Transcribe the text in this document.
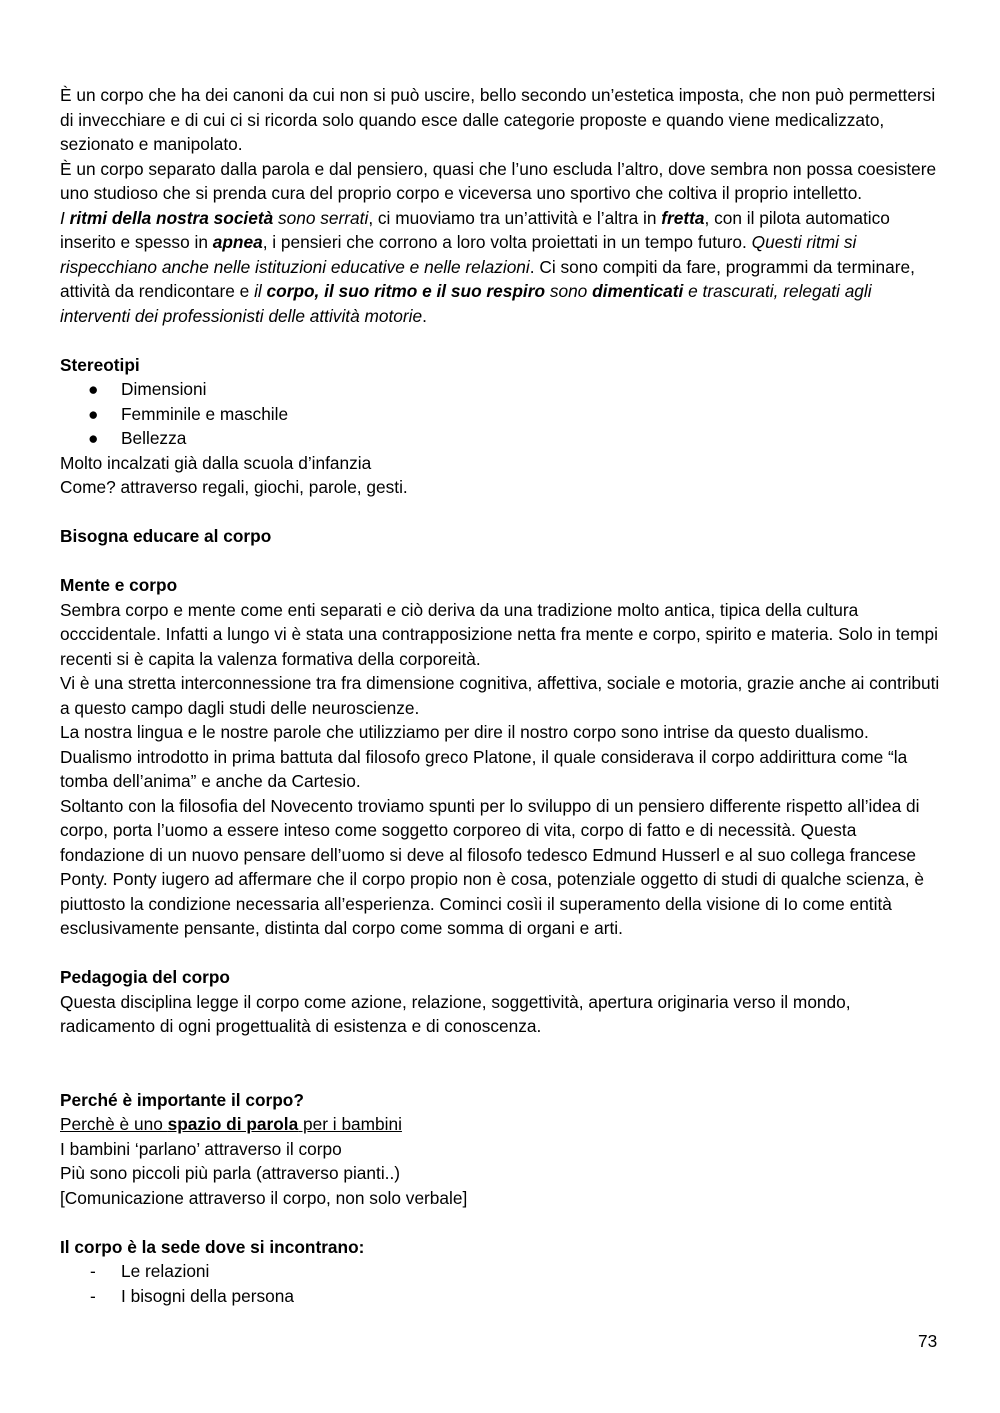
È un corpo che ha dei canoni da cui non si può uscire, bello secondo un’estetica imposta, che non può permettersi di invecchiare e di cui ci si ricorda solo quando esce dalle categorie proposte e quando viene medicalizzato, sezionato e manipolato.

È un corpo separato dalla parola e dal pensiero, quasi che l’uno escluda l’altro, dove sembra non possa coesistere uno studioso che si prenda cura del proprio corpo e viceversa uno sportivo che coltiva il proprio intelletto.

I ritmi della nostra società sono serrati, ci muoviamo tra un’attività e l’altra in fretta, con il pilota automatico inserito e spesso in apnea, i pensieri che corrono a loro volta proiettati in un tempo futuro. Questi ritmi si rispecchiano anche nelle istituzioni educative e nelle relazioni. Ci sono compiti da fare, programmi da terminare, attività da rendicontare e il corpo, il suo ritmo e il suo respiro sono dimenticati e trascurati, relegati agli interventi dei professionisti delle attività motorie.

Stereotipi

● Dimensioni
● Femminile e maschile
● Bellezza

Molto incalzati già dalla scuola d’infanzia

Come? attraverso regali, giochi, parole, gesti.

Bisogna educare al corpo

Mente e corpo

Sembra corpo e mente come enti separati e ciò deriva da una tradizione molto antica, tipica della cultura occcidentale. Infatti a lungo vi è stata una contrapposizione netta fra mente e corpo, spirito e materia. Solo in tempi recenti si è capita la valenza formativa della corporeità.

Vi è una stretta interconnessione tra fra dimensione cognitiva, affettiva, sociale e motoria, grazie anche ai contributi a questo campo dagli studi delle neuroscienze.

La nostra lingua e le nostre parole che utilizziamo per dire il nostro corpo sono intrise da questo dualismo. Dualismo introdotto in prima battuta dal filosofo greco Platone, il quale considerava il corpo addirittura come “la tomba dell’anima” e anche da Cartesio.

Soltanto con la filosofia del Novecento troviamo spunti per lo sviluppo di un pensiero differente rispetto all’idea di corpo, porta l’uomo a essere inteso come soggetto corporeo di vita, corpo di fatto e di necessità. Questa fondazione di un nuovo pensare dell’uomo si deve al filosofo tedesco Edmund Husserl e al suo collega francese Ponty. Ponty iugero ad affermare che il corpo propio non è cosa, potenziale oggetto di studi di qualche scienza, è piuttosto la condizione necessaria all’esperienza. Cominci cosìi il superamento della visione di Io come entità esclusivamente pensante, distinta dal corpo come somma di organi e arti.

Pedagogia del corpo

Questa disciplina legge il corpo come azione, relazione, soggettività, apertura originaria verso il mondo, radicamento di ogni progettualità di esistenza e di conoscenza.

Perché è importante il corpo?

Perchè è uno spazio di parola per i bambini

I bambini ‘parlano’ attraverso il corpo

Più sono piccoli più parla (attraverso pianti..)

[Comunicazione attraverso il corpo, non solo verbale]

Il corpo è la sede dove si incontrano:

- Le relazioni
- I bisogni della persona
73
